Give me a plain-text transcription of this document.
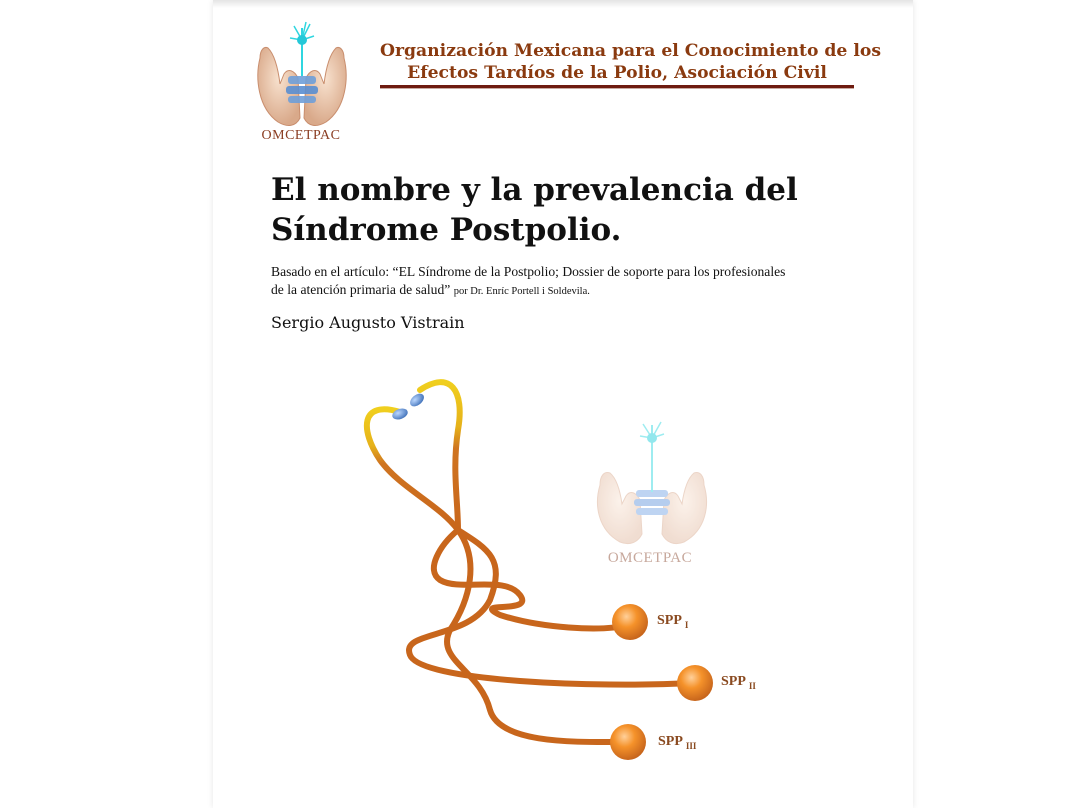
OMCETPAC
Organización Mexicana para el Conocimiento de los
Efectos Tardíos de la Polio, Asociación Civil
El nombre y la prevalencia del
Síndrome Postpolio.
Basado en el artículo: “EL Síndrome de la Postpolio; Dossier de soporte para los profesionales
de la atención primaria de salud” por Dr. Enríc Portell i Soldevila.
Sergio Augusto Vistrain
OMCETPAC
SPP $_I$
SPP $_{II}$
SPP $_{III}$
